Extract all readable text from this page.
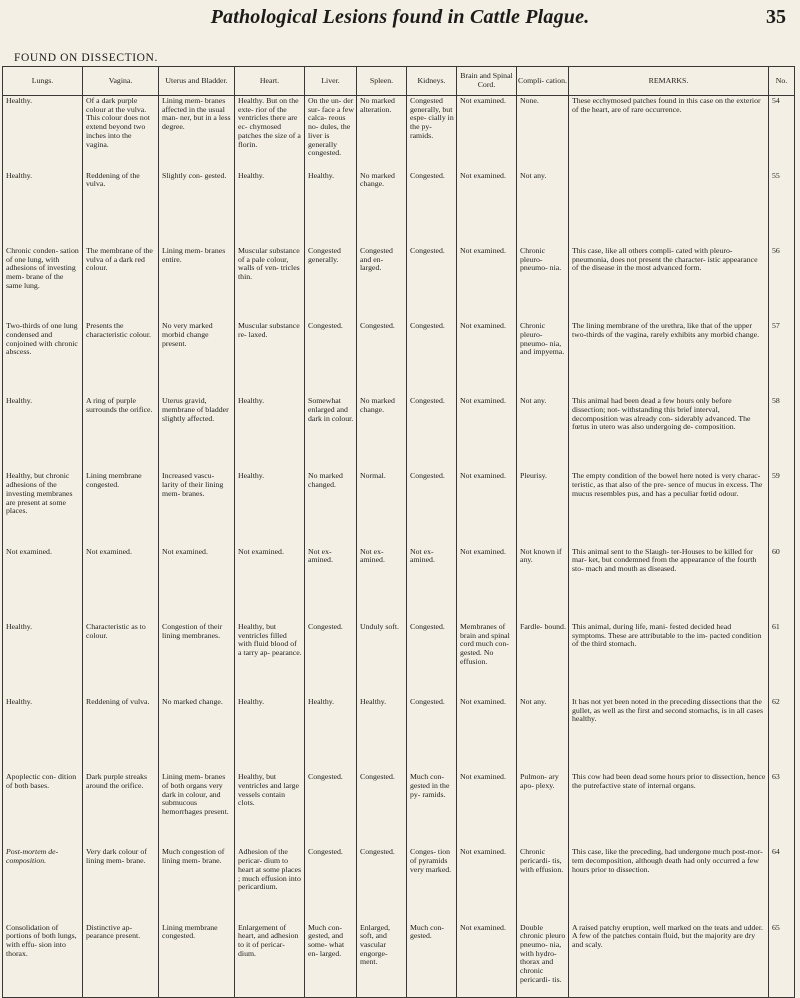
Pathological Lesions found in Cattle Plague.	35
FOUND ON DISSECTION.
Lungs.	Vagina.	Uterus and Bladder.	Heart.	Liver.	Spleen.	Kidneys.	Brain and Spinal Cord.	Compli- cation.	REMARKS.	No.
Healthy.	Of a dark purple colour at the vulva. This colour does not extend beyond two inches into the vagina.	Lining mem- branes affected in the usual man- ner, but in a less degree.	Healthy. But on the exte- rior of the ventricles there are ec- chymosed patches the size of a florin.	On the un- der sur- face a few calca- reous no- dules, the liver is generally congested.	No marked alteration.	Congested generally, but espe- cially in the py- ramids.	Not examined.	None.	These ecchymosed patches found in this case on the exterior of the heart, are of rare occurrence.	54
Healthy.	Reddening of the vulva.	Slightly con- gested.	Healthy.	Healthy.	No marked change.	Congested.	Not examined.	Not any.		55
Chronic conden- sation of one lung, with adhesions of investing mem- brane of the same lung.	The membrane of the vulva of a dark red colour.	Lining mem- branes entire.	Muscular substance of a pale colour, walls of ven- tricles thin.	Congested generally.	Congested and en- larged.	Congested.	Not examined.	Chronic pleuro- pneumo- nia.	This case, like all others compli- cated with pleuro-pneumonia, does not present the character- istic appearance of the disease in the most advanced form.	56
Two-thirds of one lung condensed and conjoined with chronic abscess.	Presents the characteristic colour.	No very marked morbid change present.	Muscular substance re- laxed.	Congested.	Congested.	Congested.	Not examined.	Chronic pleuro- pneumo- nia, and impyema.	The lining membrane of the urethra, like that of the upper two-thirds of the vagina, rarely exhibits any morbid change.	57
Healthy.	A ring of purple surrounds the orifice.	Uterus gravid, membrane of bladder slightly affected.	Healthy.	Somewhat enlarged and dark in colour.	No marked change.	Congested.	Not examined.	Not any.	This animal had been dead a few hours only before dissection; not- withstanding this brief interval, decomposition was already con- siderably advanced. The fœtus in utero was also undergoing de- composition.	58
Healthy, but chronic adhesions of the investing membranes are present at some places.	Lining membrane congested.	Increased vascu- larity of their lining mem- branes.	Healthy.	No marked changed.	Normal.	Congested.	Not examined.	Pleurisy.	The empty condition of the bowel here noted is very charac- teristic, as that also of the pre- sence of mucus in excess. The mucus resembles pus, and has a peculiar fœtid odour.	59
Not examined.	Not examined.	Not examined.	Not examined.	Not ex- amined.	Not ex- amined.	Not ex- amined.	Not examined.	Not known if any.	This animal sent to the Slaugh- ter-Houses to be killed for mar- ket, but condemned from the appearance of the fourth sto- mach and mouth as diseased.	60
Healthy.	Characteristic as to colour.	Congestion of their lining membranes.	Healthy, but ventricles filled with fluid blood of a tarry ap- pearance.	Congested.	Unduly soft.	Congested.	Membranes of brain and spinal cord much con- gested. No effusion.	Fardle- bound.	This animal, during life, mani- fested decided head symptoms. These are attributable to the im- pacted condition of the third stomach.	61
Healthy.	Reddening of vulva.	No marked change.	Healthy.	Healthy.	Healthy.	Congested.	Not examined.	Not any.	It has not yet been noted in the preceding dissections that the gullet, as well as the first and second stomachs, is in all cases healthy.	62
Apoplectic con- dition of both bases.	Dark purple streaks around the orifice.	Lining mem- branes of both organs very dark in colour, and submucous hemorrhages present.	Healthy, but ventricles and large vessels contain clots.	Congested.	Congested.	Much con- gested in the py- ramids.	Not examined.	Pulmon- ary apo- plexy.	This cow had been dead some hours prior to dissection, hence the putrefactive state of internal organs.	63
Post-mortem de- composition.	Very dark colour of lining mem- brane.	Much congestion of lining mem- brane.	Adhesion of the pericar- dium to heart at some places ; much effusion into pericardium.	Congested.	Congested.	Conges- tion of pyramids very marked.	Not examined.	Chronic pericardi- tis, with effusion.	This case, like the preceding, had undergone much post-mor- tem decomposition, although death had only occurred a few hours prior to dissection.	64
Consolidation of portions of both lungs, with effu- sion into thorax.	Distinctive ap- pearance present.	Lining membrane congested.	Enlargement of heart, and adhesion to it of pericar- dium.	Much con- gested, and some- what en- larged.	Enlarged, soft, and vascular engorge- ment.	Much con- gested.	Not examined.	Double chronic pleuro pneumo- nia, with hydro- thorax and chronic pericardi- tis.	A raised patchy eruption, well marked on the teats and udder. A few of the patches contain fluid, but the majority are dry and scaly.	65
